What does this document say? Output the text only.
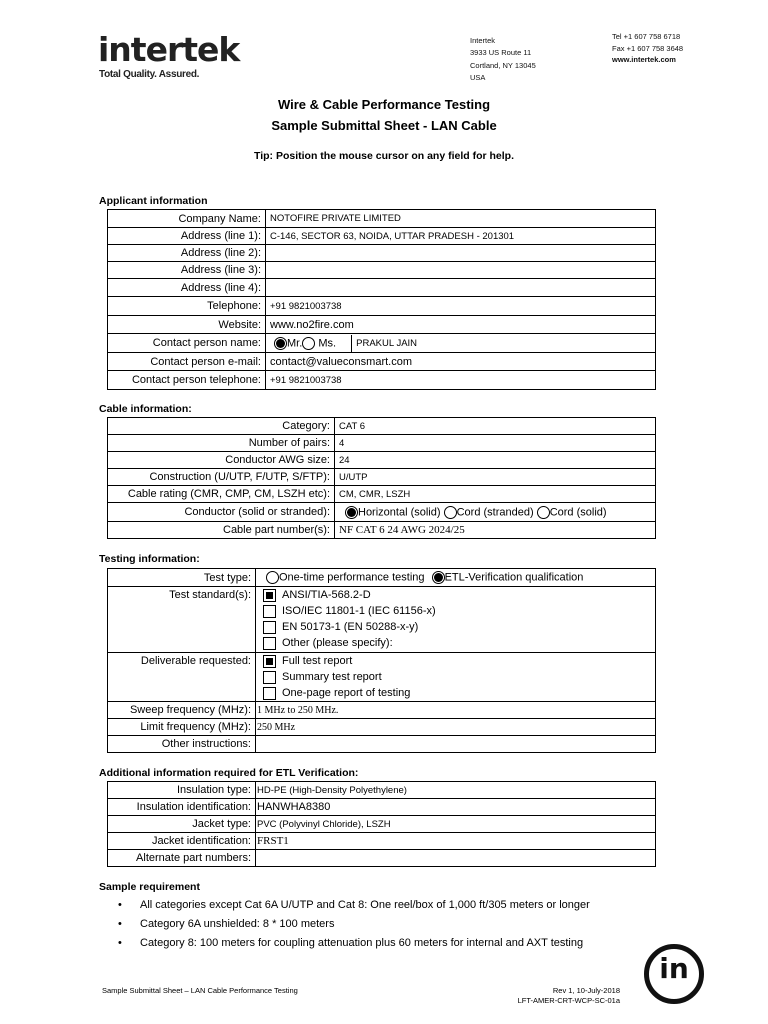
intertek
Total Quality. Assured.
Intertek
3933 US Route 11
Cortland, NY 13045
USA
Tel +1 607 758 6718
Fax +1 607 758 3648
www.intertek.com
Wire & Cable Performance Testing
Sample Submittal Sheet - LAN Cable
Tip: Position the mouse cursor on any field for help.
Applicant information
Company Name:	NOTOFIRE PRIVATE LIMITED
Address (line 1):	C-146, SECTOR 63, NOIDA, UTTAR PRADESH - 201301
Address (line 2):	
Address (line 3):	
Address (line 4):	
Telephone:	+91 9821003738
Website:	www.no2fire.com
Contact person name:	Mr. Ms. PRAKUL JAIN
Contact person e-mail:	contact@valueconsmart.com
Contact person telephone:	+91 9821003738
Cable information:
Category:	CAT 6
Number of pairs:	4
Conductor AWG size:	24
Construction (U/UTP, F/UTP, S/FTP):	U/UTP
Cable rating (CMR, CMP, CM, LSZH etc):	CM, CMR, LSZH
Conductor (solid or stranded):	Horizontal (solid) Cord (stranded) Cord (solid)
Cable part number(s):	NF CAT 6 24 AWG 2024/25
Testing information:
Test type:	One-time performance testing ETL-Verification qualification
Test standard(s):	ANSI/TIA-568.2-D
ISO/IEC 11801-1 (IEC 61156-x)
EN 50173-1 (EN 50288-x-y)
Other (please specify):

Deliverable requested:	Full test report
Summary test report
One-page report of testing

Sweep frequency (MHz):	1 MHz to 250 MHz.
Limit frequency (MHz):	250 MHz
Other instructions:	
Additional information required for ETL Verification:
Insulation type:	HD-PE (High-Density Polyethylene)
Insulation identification:	HANWHA8380
Jacket type:	PVC (Polyvinyl Chloride), LSZH
Jacket identification:	FRST1
Alternate part numbers:	
Sample requirement
• All categories except Cat 6A U/UTP and Cat 8: One reel/box of 1,000 ft/305 meters or longer
• Category 6A unshielded: 8 * 100 meters
• Category 8: 100 meters for coupling attenuation plus 60 meters for internal and AXT testing
Sample Submittal Sheet – LAN Cable Performance Testing	Rev 1, 10-July-2018
LFT-AMER-CRT-WCP-SC-01a
in
